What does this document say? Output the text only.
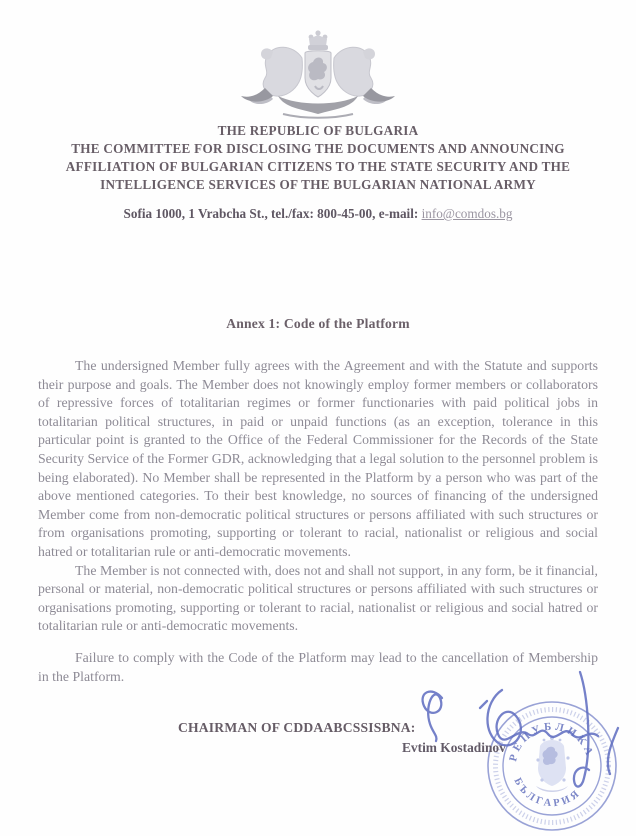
THE REPUBLIC OF BULGARIA
THE COMMITTEE FOR DISCLOSING THE DOCUMENTS AND ANNOUNCING
AFFILIATION OF BULGARIAN CITIZENS TO THE STATE SECURITY AND THE
INTELLIGENCE SERVICES OF THE BULGARIAN NATIONAL ARMY
Sofia 1000, 1 Vrabcha St., tel./fax: 800-45-00, e-mail: info@comdos.bg
Annex 1: Code of the Platform

The undersigned Member fully agrees with the Agreement and with the Statute and supports their purpose and goals. The Member does not knowingly employ former members or collaborators of repressive forces of totalitarian regimes or former functionaries with paid political jobs in totalitarian political structures, in paid or unpaid functions (as an exception, tolerance in this particular point is granted to the Office of the Federal Commissioner for the Records of the State Security Service of the Former GDR, acknowledging that a legal solution to the personnel problem is being elaborated). No Member shall be represented in the Platform by a person who was part of the above mentioned categories. To their best knowledge, no sources of financing of the undersigned Member come from non-democratic political structures or persons affiliated with such structures or from organisations promoting, supporting or tolerant to racial, nationalist or religious and social hatred or totalitarian rule or anti-democratic movements.

The Member is not connected with, does not and shall not support, in any form, be it financial, personal or material, non-democratic political structures or persons affiliated with such structures or organisations promoting, supporting or tolerant to racial, nationalist or religious and social hatred or totalitarian rule or anti-democratic movements.

Failure to comply with the Code of the Platform may lead to the cancellation of Membership in the Platform.

CHAIRMAN OF CDDAABCSSISBNA:
Evtim Kostadinov
РЕПУБЛИКА
БЪЛГАРИЯ
